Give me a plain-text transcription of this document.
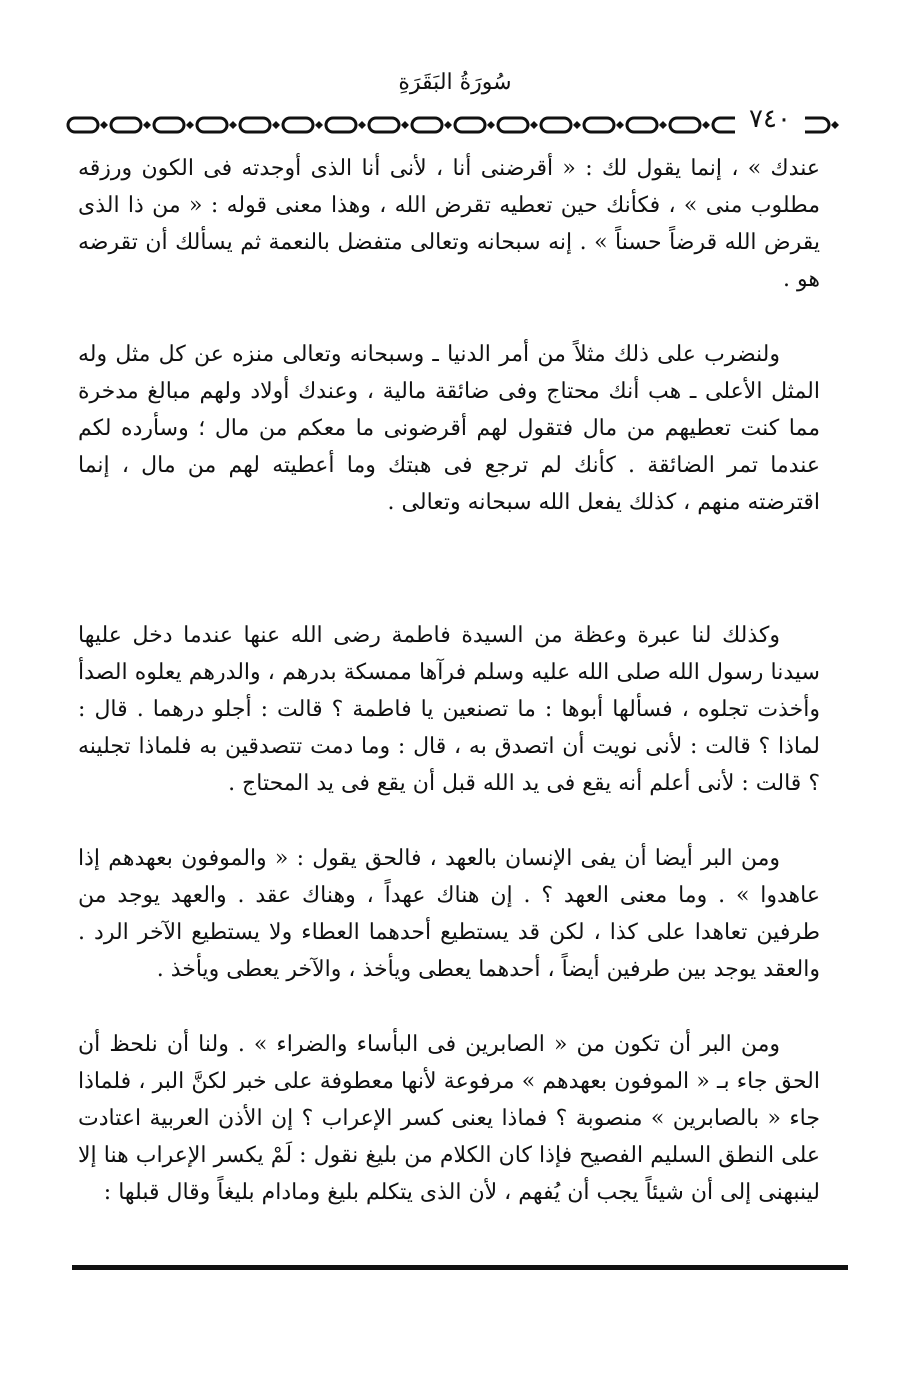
سُورَةُ البَقَرَةِ
٧٤٠

عندك » ، إنما يقول لك : « أقرضنى أنا ، لأنى أنا الذى أوجدته فى الكون ورزقه مطلوب منى » ، فكأنك حين تعطيه تقرض الله ، وهذا معنى قوله : « من ذا الذى يقرض الله قرضاً حسناً » . إنه سبحانه وتعالى متفضل بالنعمة ثم يسألك أن تقرضه هو .

ولنضرب على ذلك مثلاً من أمر الدنيا ـ وسبحانه وتعالى منزه عن كل مثل وله المثل الأعلى ـ هب أنك محتاج وفى ضائقة مالية ، وعندك أولاد ولهم مبالغ مدخرة مما كنت تعطيهم من مال فتقول لهم أقرضونى ما معكم من مال ؛ وسأرده لكم عندما تمر الضائقة . كأنك لم ترجع فى هبتك وما أعطيته لهم من مال ، إنما اقترضته منهم ، كذلك يفعل الله سبحانه وتعالى .

وكذلك لنا عبرة وعظة من السيدة فاطمة رضى الله عنها عندما دخل عليها سيدنا رسول الله صلى الله عليه وسلم فرآها ممسكة بدرهم ، والدرهم يعلوه الصدأ وأخذت تجلوه ، فسألها أبوها : ما تصنعين يا فاطمة ؟ قالت : أجلو درهما . قال : لماذا ؟ قالت : لأنى نويت أن اتصدق به ، قال : وما دمت تتصدقين به فلماذا تجلينه ؟ قالت : لأنى أعلم أنه يقع فى يد الله قبل أن يقع فى يد المحتاج .

ومن البر أيضا أن يفى الإنسان بالعهد ، فالحق يقول : « والموفون بعهدهم إذا عاهدوا » . وما معنى العهد ؟ . إن هناك عهداً ، وهناك عقد . والعهد يوجد من طرفين تعاهدا على كذا ، لكن قد يستطيع أحدهما العطاء ولا يستطيع الآخر الرد . والعقد يوجد بين طرفين أيضاً ، أحدهما يعطى ويأخذ ، والآخر يعطى ويأخذ .

ومن البر أن تكون من « الصابرين فى البأساء والضراء » . ولنا أن نلحظ أن الحق جاء بـ « الموفون بعهدهم » مرفوعة لأنها معطوفة على خبر لكنَّ البر ، فلماذا جاء « بالصابرين » منصوبة ؟ فماذا يعنى كسر الإعراب ؟ إن الأذن العربية اعتادت على النطق السليم الفصيح فإذا كان الكلام من بليغ نقول : لَمْ يكسر الإعراب هنا إلا لينبهنى إلى أن شيئاً يجب أن يُفهم ، لأن الذى يتكلم بليغ ومادام بليغاً وقال قبلها :
